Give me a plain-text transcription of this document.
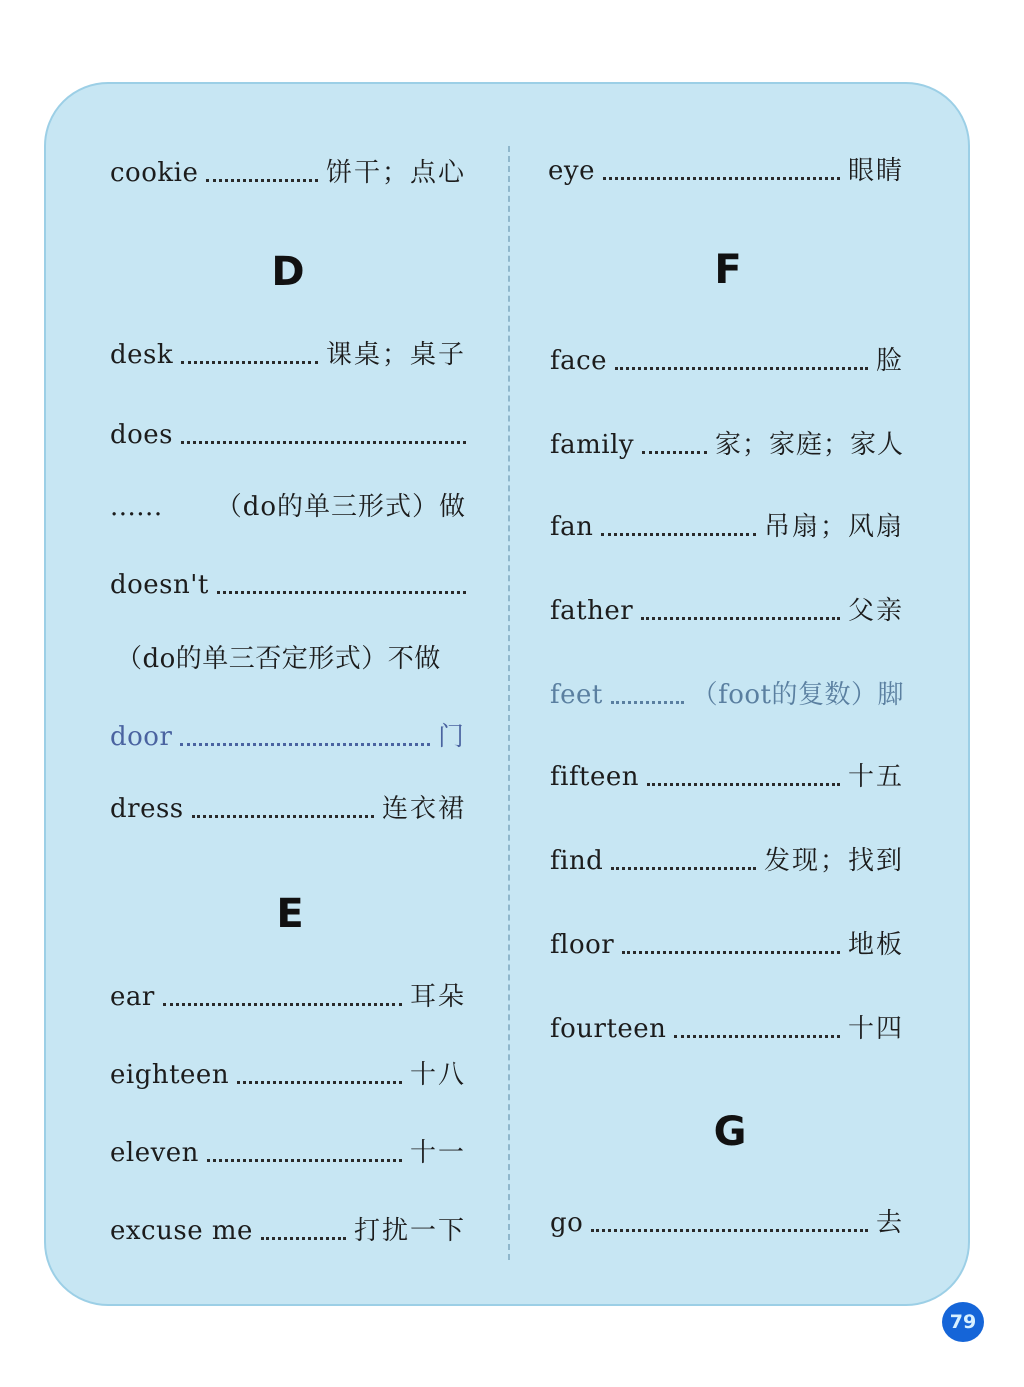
cookie	饼干；点心
D
desk	课桌；桌子
does
...... （do的单三形式）做
doesn't
（do的单三否定形式）不做
door	门
dress	连衣裙
E
ear	耳朵
eighteen	十八
eleven	十一
excuse me	打扰一下
eye	眼睛
F
face	脸
family	家；家庭；家人
fan	吊扇；风扇
father	父亲
feet	（foot的复数）脚
fifteen	十五
find	发现；找到
floor	地板
fourteen	十四
G
go	去
79
